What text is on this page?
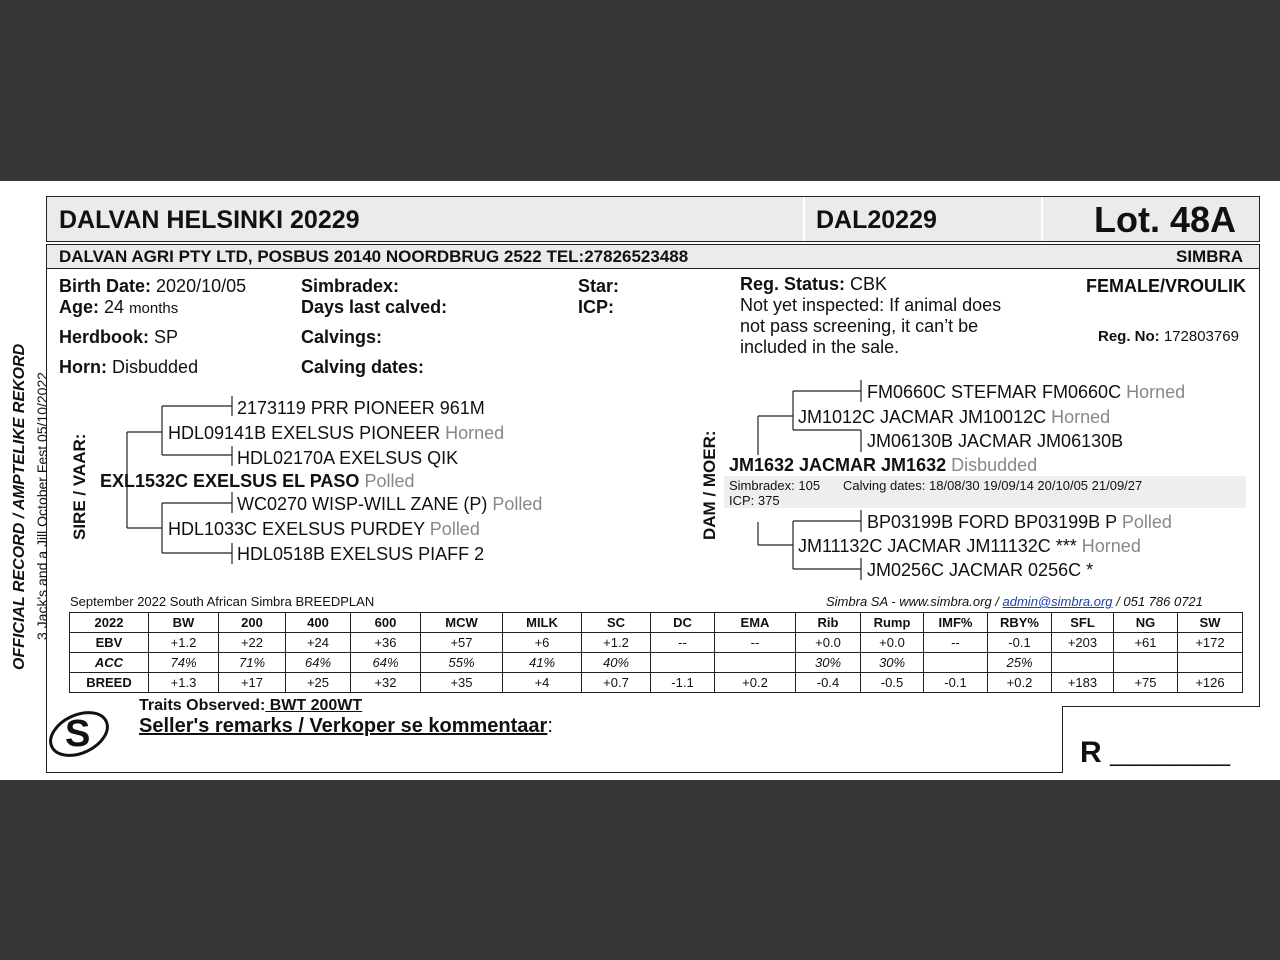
DALVAN HELSINKI 20229	DAL20229	Lot. 48A
DALVAN AGRI PTY LTD, POSBUS 20140 NOORDBRUG 2522 TEL:27826523488	SIMBRA
OFFICIAL RECORD / AMPTELIKE REKORD 3 Jack's and a Jill October Fest 05/10/2022
Birth Date: 2020/10/05
Age: 24 months
Herdbook: SP
Horn: Disbudded
Simbradex:
Days last calved:
Calvings:
Calving dates:
Star:
ICP:
Reg. Status: CBK
Not yet inspected: If animal does
not pass screening, it can’t be
included in the sale.
FEMALE/VROULIK
Reg. No: 172803769
SIRE / VAAR:
2173119 PRR PIONEER 961M
HDL09141B EXELSUS PIONEER Horned
HDL02170A EXELSUS QIK
EXL1532C EXELSUS EL PASO Polled
WC0270 WISP-WILL ZANE (P) Polled
HDL1033C EXELSUS PURDEY Polled
HDL0518B EXELSUS PIAFF 2
DAM / MOER:
FM0660C STEFMAR FM0660C Horned
JM1012C JACMAR JM10012C Horned
JM06130B JACMAR JM06130B
JM1632 JACMAR JM1632 Disbudded
Simbradex: 105 Calving dates: 18/08/30 19/09/14 20/10/05 21/09/27
ICP: 375
BP03199B FORD BP03199B P Polled
JM11132C JACMAR JM11132C *** Horned
JM0256C JACMAR 0256C *
September 2022 South African Simbra BREEDPLAN	Simbra SA - www.simbra.org / admin@simbra.org / 051 786 0721
2022	BW	200	400	600	MCW	MILK	SC	DC	EMA	Rib	Rump	IMF%	RBY%	SFL	NG	SW
EBV	+1.2	+22	+24	+36	+57	+6	+1.2	--	--	+0.0	+0.0	--	-0.1	+203	+61	+172
ACC	74%	71%	64%	64%	55%	41%	40%			30%	30%		25%			
BREED	+1.3	+17	+25	+32	+35	+4	+0.7	-1.1	+0.2	-0.4	-0.5	-0.1	+0.2	+183	+75	+126
S
Traits Observed: BWT 200WT
Seller's remarks / Verkoper se kommentaar:
R _________
